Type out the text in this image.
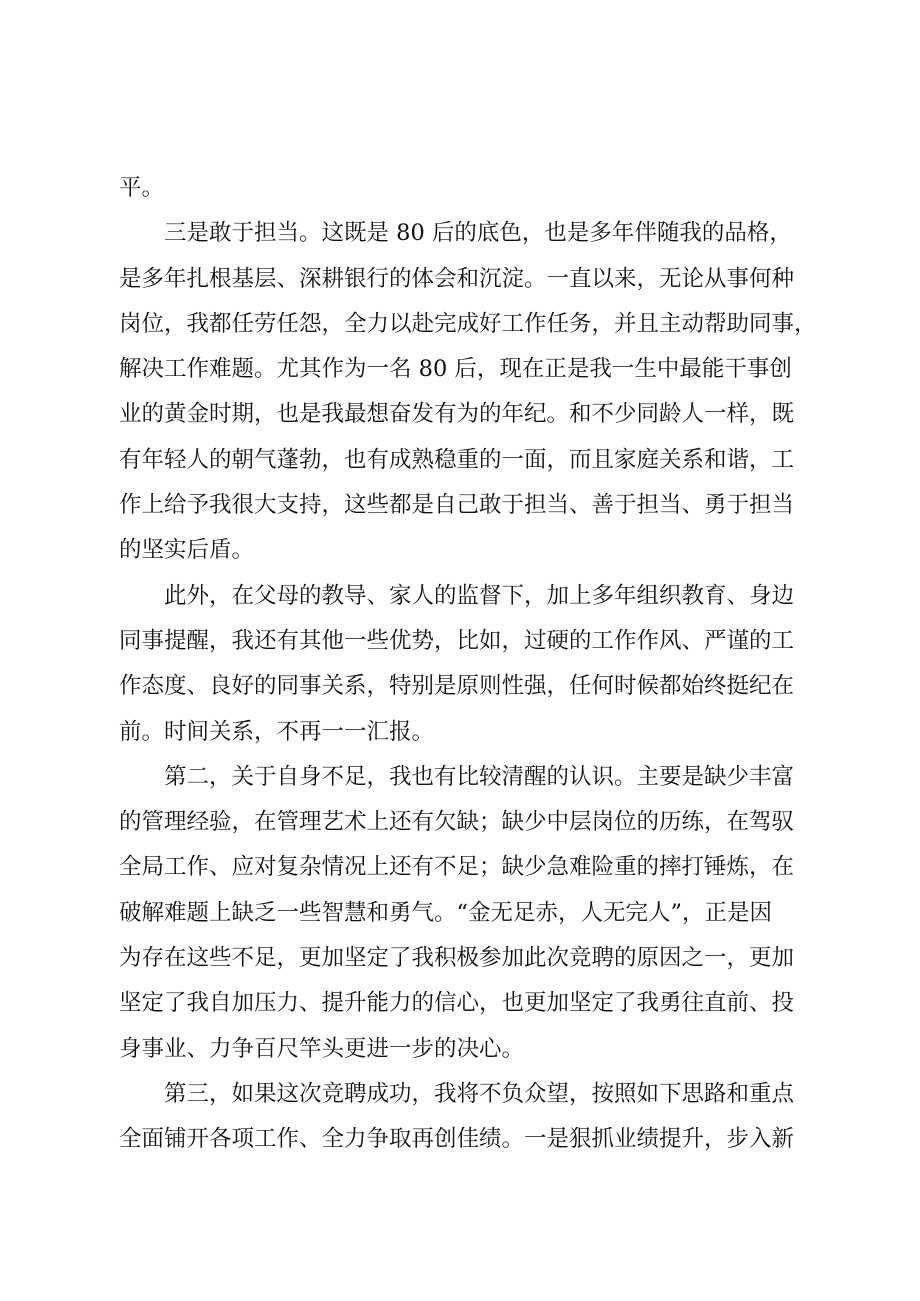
平。
三是敢于担当。这既是 80 后的底色，也是多年伴随我的品格，
是多年扎根基层、深耕银行的体会和沉淀。一直以来，无论从事何种
岗位，我都任劳任怨，全力以赴完成好工作任务，并且主动帮助同事，
解决工作难题。尤其作为一名 80 后，现在正是我一生中最能干事创
业的黄金时期，也是我最想奋发有为的年纪。和不少同龄人一样，既
有年轻人的朝气蓬勃，也有成熟稳重的一面，而且家庭关系和谐，工
作上给予我很大支持，这些都是自己敢于担当、善于担当、勇于担当
的坚实后盾。
此外，在父母的教导、家人的监督下，加上多年组织教育、身边
同事提醒，我还有其他一些优势，比如，过硬的工作作风、严谨的工
作态度、良好的同事关系，特别是原则性强，任何时候都始终挺纪在
前。时间关系，不再一一汇报。
第二，关于自身不足，我也有比较清醒的认识。主要是缺少丰富
的管理经验，在管理艺术上还有欠缺；缺少中层岗位的历练，在驾驭
全局工作、应对复杂情况上还有不足；缺少急难险重的摔打锤炼，在
破解难题上缺乏一些智慧和勇气。“金无足赤，人无完人”，正是因
为存在这些不足，更加坚定了我积极参加此次竞聘的原因之一，更加
坚定了我自加压力、提升能力的信心，也更加坚定了我勇往直前、投
身事业、力争百尺竿头更进一步的决心。
第三，如果这次竞聘成功，我将不负众望，按照如下思路和重点
全面铺开各项工作、全力争取再创佳绩。一是狠抓业绩提升，步入新
